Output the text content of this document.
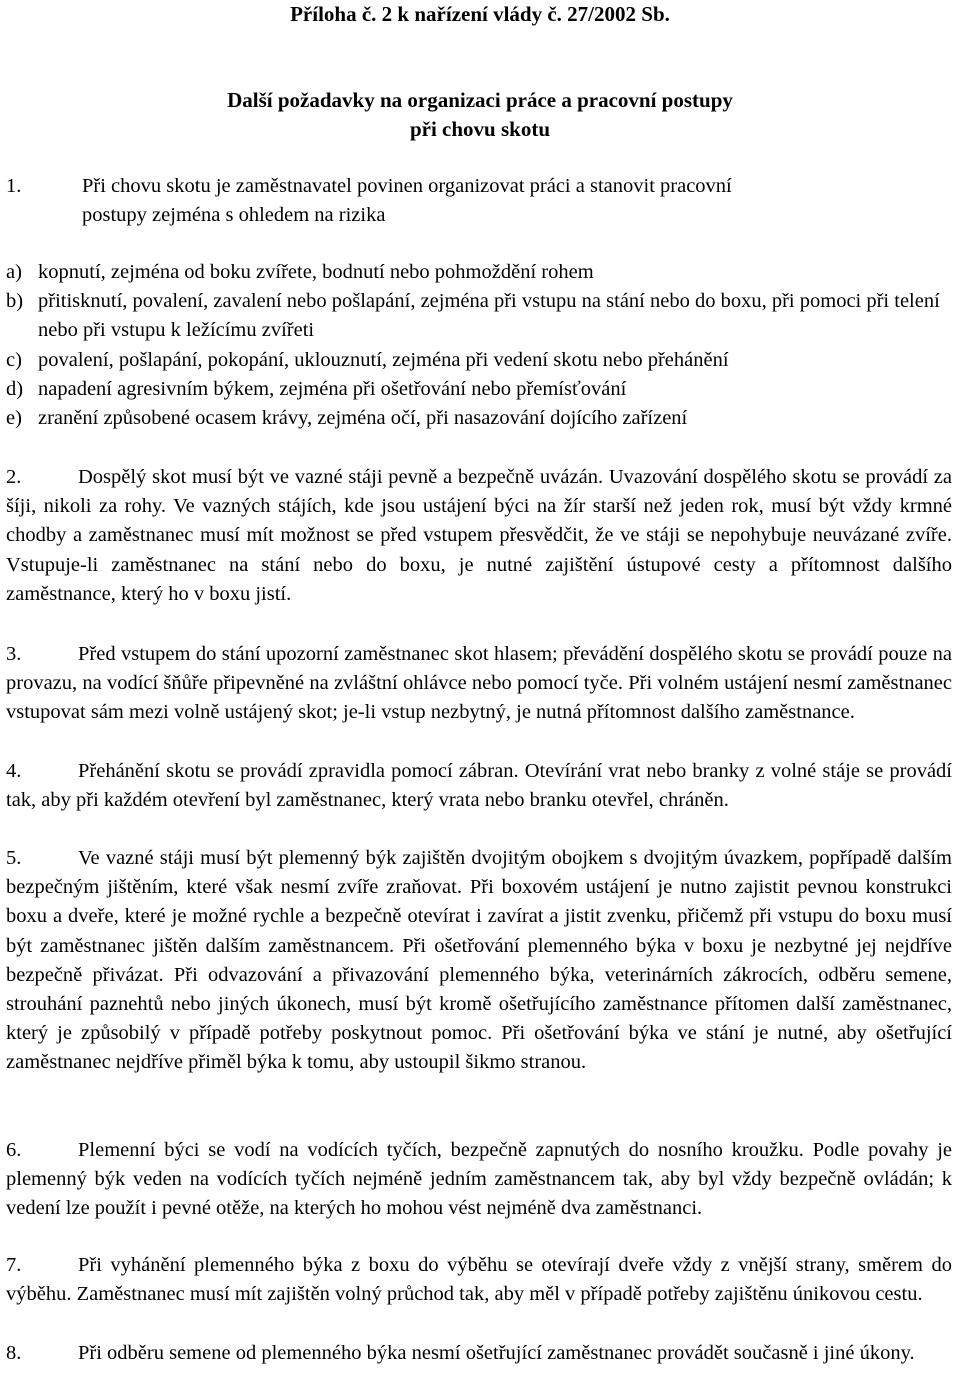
Příloha č. 2 k nařízení vlády č. 27/2002 Sb.
Další požadavky na organizaci práce a pracovní postupy
při chovu skotu
1.	Při chovu skotu je zaměstnavatel povinen organizovat práci a stanovit pracovní
postupy zejména s ohledem na rizika
a) kopnutí, zejména od boku zvířete, bodnutí nebo pohmoždění rohem
b) přitisknutí, povalení, zavalení nebo pošlapání, zejména při vstupu na stání nebo do boxu, při pomoci při telení nebo při vstupu k ležícímu zvířeti
c) povalení, pošlapání, pokopání, uklouznutí, zejména při vedení skotu nebo přehánění
d) napadení agresivním býkem, zejména při ošetřování nebo přemísťování
e) zranění způsobené ocasem krávy, zejména očí, při nasazování dojícího zařízení
2.	Dospělý skot musí být ve vazné stáji pevně a bezpečně uvázán. Uvazování dospělého skotu se provádí za šíji, nikoli za rohy. Ve vazných stájích, kde jsou ustájení býci na žír starší než jeden rok, musí být vždy krmné chodby a zaměstnanec musí mít možnost se před vstupem přesvědčit, že ve stáji se nepohybuje neuvázané zvíře. Vstupuje-li zaměstnanec na stání nebo do boxu, je nutné zajištění ústupové cesty a přítomnost dalšího zaměstnance, který ho v boxu jistí.
3.	Před vstupem do stání upozorní zaměstnanec skot hlasem; převádění dospělého skotu se provádí pouze na provazu, na vodící šňůře připevněné na zvláštní ohlávce nebo pomocí tyče. Při volném ustájení nesmí zaměstnanec vstupovat sám mezi volně ustájený skot; je-li vstup nezbytný, je nutná přítomnost dalšího zaměstnance.
4.	Přehánění skotu se provádí zpravidla pomocí zábran. Otevírání vrat nebo branky z volné stáje se provádí tak, aby při každém otevření byl zaměstnanec, který vrata nebo branku otevřel, chráněn.
5.	Ve vazné stáji musí být plemenný býk zajištěn dvojitým obojkem s dvojitým úvazkem, popřípadě dalším bezpečným jištěním, které však nesmí zvíře zraňovat. Při boxovém ustájení je nutno zajistit pevnou konstrukci boxu a dveře, které je možné rychle a bezpečně otevírat i zavírat a jistit zvenku, přičemž při vstupu do boxu musí být zaměstnanec jištěn dalším zaměstnancem. Při ošetřování plemenného býka v boxu je nezbytné jej nejdříve bezpečně přivázat. Při odvazování a přivazování plemenného býka, veterinárních zákrocích, odběru semene, strouhání paznehtů nebo jiných úkonech, musí být kromě ošetřujícího zaměstnance přítomen další zaměstnanec, který je způsobilý v případě potřeby poskytnout pomoc. Při ošetřování býka ve stání je nutné, aby ošetřující zaměstnanec nejdříve přiměl býka k tomu, aby ustoupil šikmo stranou.
6.	Plemenní býci se vodí na vodících tyčích, bezpečně zapnutých do nosního kroužku. Podle povahy je plemenný býk veden na vodících tyčích nejméně jedním zaměstnancem tak, aby byl vždy bezpečně ovládán; k vedení lze použít i pevné otěže, na kterých ho mohou vést nejméně dva zaměstnanci.
7.	Při vyhánění plemenného býka z boxu do výběhu se otevírají dveře vždy z vnější strany, směrem do výběhu. Zaměstnanec musí mít zajištěn volný průchod tak, aby měl v případě potřeby zajištěnu únikovou cestu.
8.	Při odběru semene od plemenného býka nesmí ošetřující zaměstnanec provádět současně i jiné úkony.
